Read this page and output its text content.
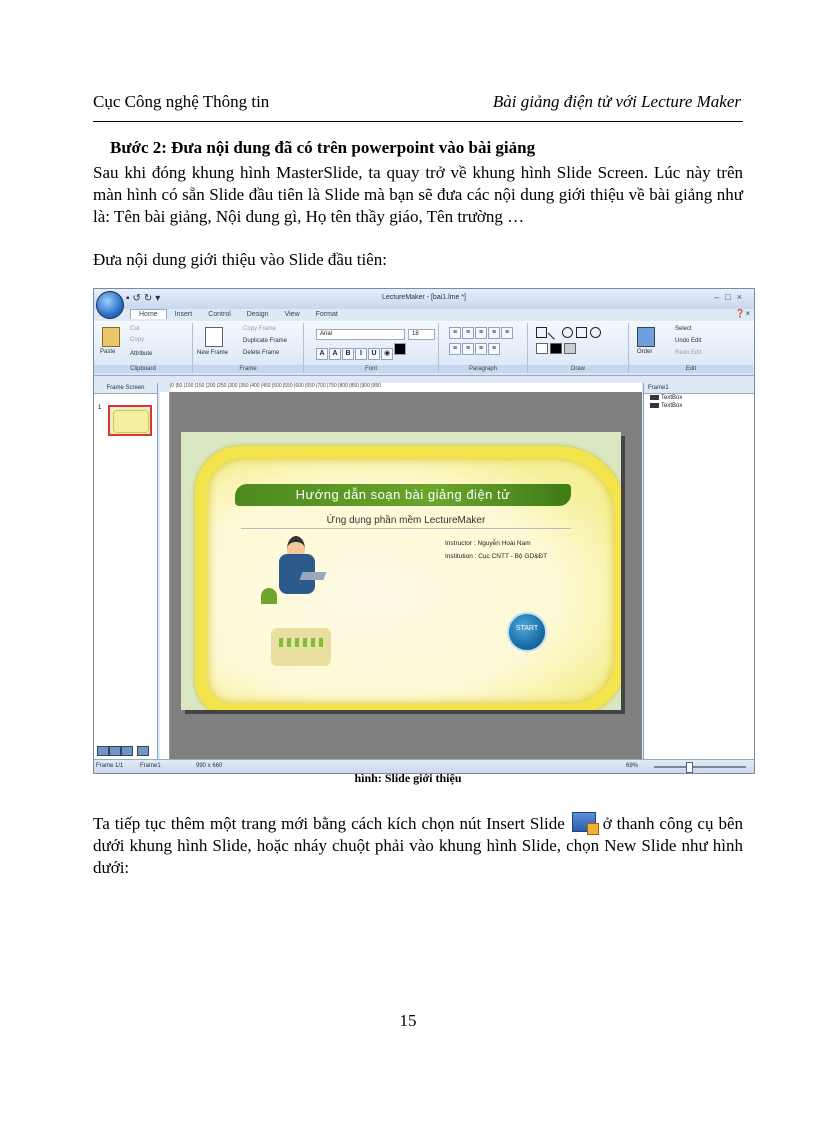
Cục Công nghệ Thông tin	Bài giảng điện tử với Lecture Maker
Bước 2: Đưa nội dung đã có trên powerpoint vào bài giảng
Sau khi đóng khung hình MasterSlide, ta quay trở về khung hình Slide Screen. Lúc này trên màn hình có sẵn Slide đầu tiên là Slide mà bạn sẽ đưa các nội dung giới thiệu về bài giảng như là: Tên bài giảng, Nội dung gì, Họ tên thầy giáo, Tên trường …
Đưa nội dung giới thiệu vào Slide đầu tiên:
LectureMaker - [bai1.lme *]
▪↺↻▾	–□×
Home Insert Control Design View Format	❓×
Paste
Cut
Copy
Attribute
Clipboard
New Frame
Copy Frame
Duplicate Frame
Delete Frame
Frame
Arial	18
A A B I U ◉
Font
≡ ≡ ≡ ≡ ≡
≡ ≡ ≡ ≡
Paragraph	Draw
Order
Select
Undo Edit
Redo Edit
Edit
Frame Screen
1
|0 |50 |100 |150 |200 |250 |300 |350 |400 |450 |500 |550 |600 |650 |700 |750 |800 |850 |900 |950
Hướng dẫn soạn bài giảng điện tử
Ứng dụng phần mềm LectureMaker
Instructor : Nguyễn Hoài Nam
Institution : Cục CNTT - Bộ GD&ĐT
START
Frame1
TextBox
TextBox
Frame 1/1	Frame1	990 x 660	69%
hình: Slide giới thiệu
Ta tiếp tục thêm một trang mới bằng cách kích chọn nút Insert Slide ở thanh công cụ bên dưới khung hình Slide, hoặc nháy chuột phải vào khung hình Slide, chọn New Slide như hình dưới:
15
